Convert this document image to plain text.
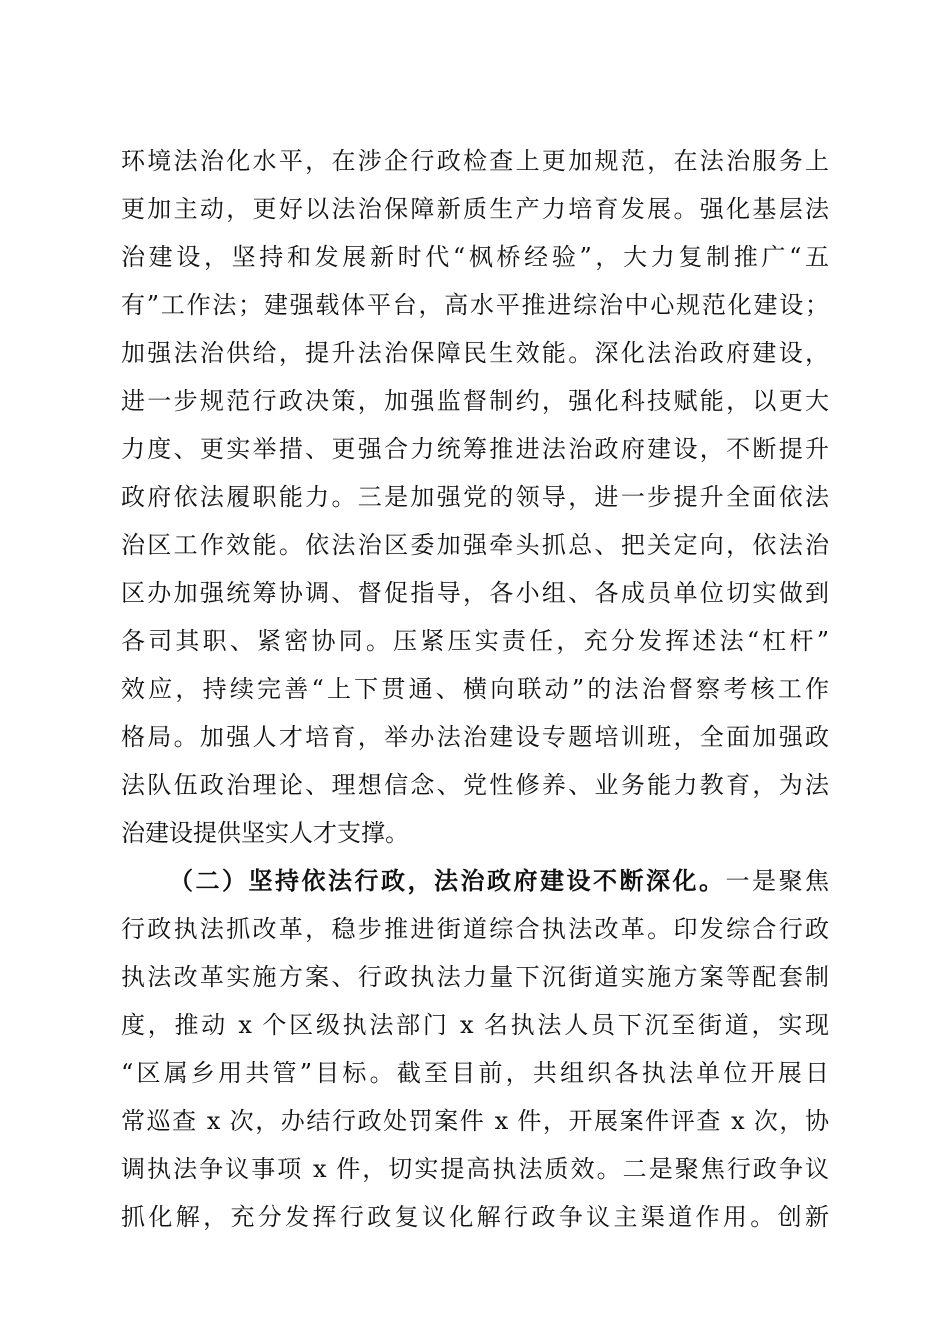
环境法治化水平，在涉企行政检查上更加规范，在法治服务上
更加主动，更好以法治保障新质生产力培育发展。强化基层法
治建设，坚持和发展新时代“枫桥经验”，大力复制推广“五
有”工作法；建强载体平台，高水平推进综治中心规范化建设；
加强法治供给，提升法治保障民生效能。深化法治政府建设，
进一步规范行政决策，加强监督制约，强化科技赋能，以更大
力度、更实举措、更强合力统筹推进法治政府建设，不断提升
政府依法履职能力。三是加强党的领导，进一步提升全面依法
治区工作效能。依法治区委加强牵头抓总、把关定向，依法治
区办加强统筹协调、督促指导，各小组、各成员单位切实做到
各司其职、紧密协同。压紧压实责任，充分发挥述法“杠杆”
效应，持续完善“上下贯通、横向联动”的法治督察考核工作
格局。加强人才培育，举办法治建设专题培训班，全面加强政
法队伍政治理论、理想信念、党性修养、业务能力教育，为法
治建设提供坚实人才支撑。
（二）坚持依法行政，法治政府建设不断深化。一是聚焦
行政执法抓改革，稳步推进街道综合执法改革。印发综合行政
执法改革实施方案、行政执法力量下沉街道实施方案等配套制
度，推动 x 个区级执法部门 x 名执法人员下沉至街道，实现
“区属乡用共管”目标。截至目前，共组织各执法单位开展日
常巡查 x 次，办结行政处罚案件 x 件，开展案件评查 x 次，协
调执法争议事项 x 件，切实提高执法质效。二是聚焦行政争议
抓化解，充分发挥行政复议化解行政争议主渠道作用。创新
